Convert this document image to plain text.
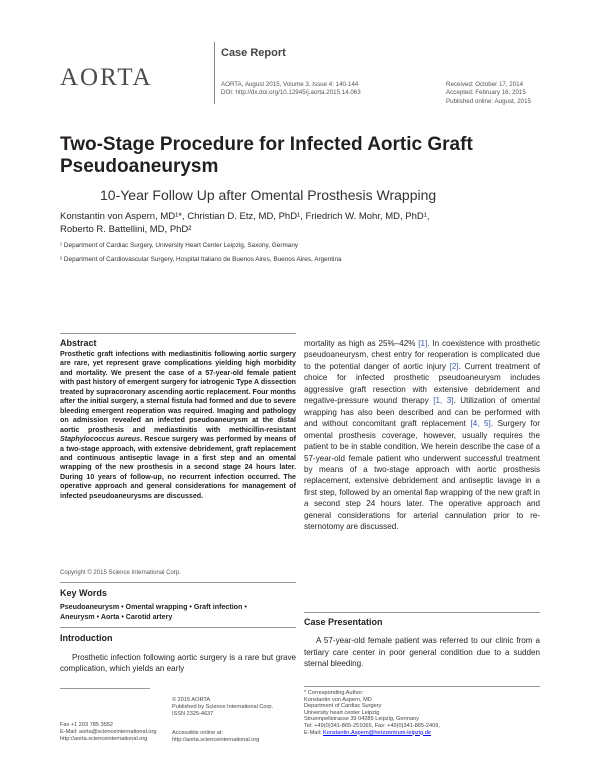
AORTA
Case Report
AORTA, August 2015, Volume 3, Issue 4: 140-144
DOI: http://dx.doi.org/10.12945/j.aorta.2015.14.063
Received: October 17, 2014
Accepted: February 16, 2015
Published online: August, 2015
Two-Stage Procedure for Infected Aortic Graft
Pseudoaneurysm
10-Year Follow Up after Omental Prosthesis Wrapping
Konstantin von Aspern, MD¹*, Christian D. Etz, MD, PhD¹, Friedrich W. Mohr, MD, PhD¹,
Roberto R. Battellini, MD, PhD²
¹ Department of Cardiac Surgery, University Heart Center Leipzig, Saxony, Germany
² Department of Cardiovascular Surgery, Hospital Italiano de Buenos Aires, Buenos Aires, Argentina
Abstract
Prosthetic graft infections with mediastinitis following aortic surgery are rare, yet represent grave complications yielding high morbidity and mortality. We present the case of a 57-year-old female patient with past history of emergent surgery for iatrogenic Type A dissection treated by supracoronary ascending aortic replacement. Four months after the initial surgery, a sternal fistula had formed and due to severe bleeding emergent reoperation was required. Imaging and pathology on admission revealed an infected pseudoaneurysm at the distal aortic prosthesis and mediastinitis with methicillin-resistant Staphylococcus aureus. Rescue surgery was performed by means of a two-stage approach, with extensive debridement, graft replacement and continuous antiseptic lavage in a first step and an omental wrapping of the new prosthesis in a second stage 24 hours later. During 10 years of follow-up, no recurrent infection occurred. The operative approach and general considerations for management of infected pseudoaneurysms are discussed.
Copyright © 2015 Science International Corp.
Key Words
Pseudoaneurysm • Omental wrapping • Graft infection •
Aneurysm • Aorta • Carotid artery
Introduction
Prosthetic infection following aortic surgery is a rare but grave complication, which yields an early

mortality as high as 25%–42% [1]. In coexistence with prosthetic pseudoaneurysm, chest entry for reoperation is complicated due to the potential danger of aortic injury [2]. Current treatment of choice for infected prosthetic pseudoaneurysm includes aggressive graft resection with extensive debridement and negative-pressure wound therapy [1, 3]. Utilization of omental wrapping has also been described and can be performed with and without concomitant graft replacement [4, 5]. Surgery for omental prosthesis coverage, however, usually requires the patient to be in stable condition. We herein describe the case of a 57-year-old female patient who underwent successful treatment by means of a two-stage approach with aortic prosthesis replacement, extensive debridement and antiseptic lavage in a first step, followed by an omental flap wrapping of the new graft in a second step 24 hours later. The operative approach and general considerations for arterial cannulation prior to re-sternotomy are discussed.

Case Presentation
A 57-year-old female patient was referred to our clinic from a tertiary care center in poor general condition due to a sudden sternal bleeding.
© 2015 AORTA
Published by Science International Corp.
ISSN 2325-4637
Fax +1 203 785 3552
E-Mail: aorta@scienceinternational.org
http://aorta.scienceinternational.org
Accessible online at:
http://aorta.scienceinternational.org
* Corresponding Author:
Konstantin von Aspern, MD
Department of Cardiac Surgery
University heart center Leipzig
Struempellstrasse 39 04289 Leipzig, Germany
Tel: +49(0)341-865-251065, Fax: +49(0)341-865-2409,
E-Mail: Konstantin.Aspern@herzzentrum-leipzig.de
